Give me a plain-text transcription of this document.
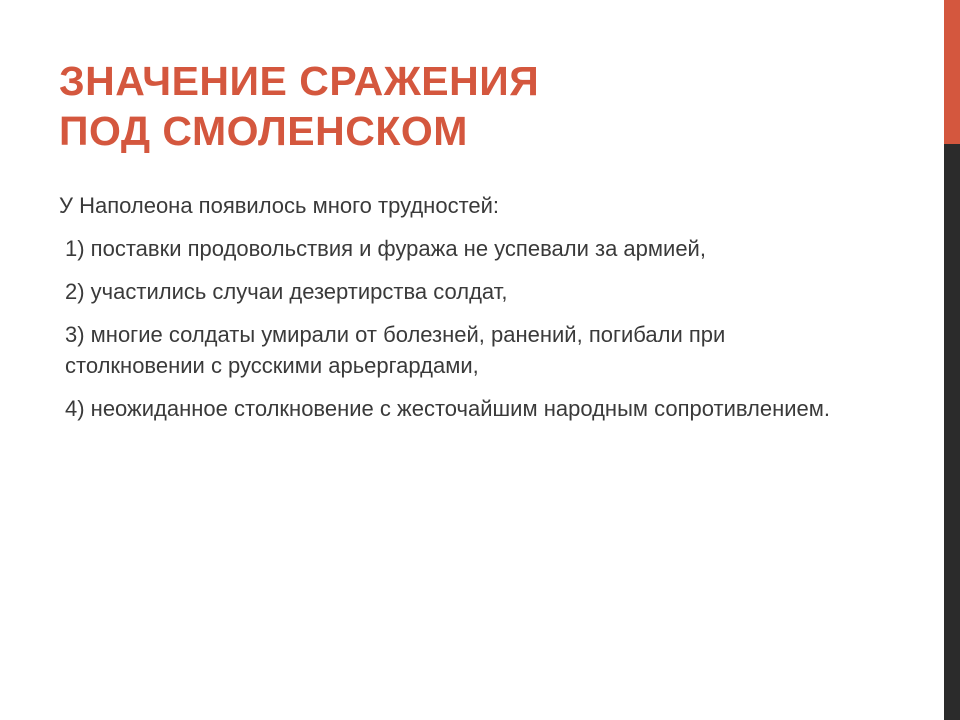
ЗНАЧЕНИЕ СРАЖЕНИЯ
ПОД СМОЛЕНСКОМ

У Наполеона появилось много трудностей:

1) поставки продовольствия и фуража не успевали за армией,

2) участились случаи дезертирства солдат,

3) многие солдаты умирали от болезней, ранений, погибали при столкновении с русскими арьергардами,

4) неожиданное столкновение с жесточайшим народным сопротивлением.
